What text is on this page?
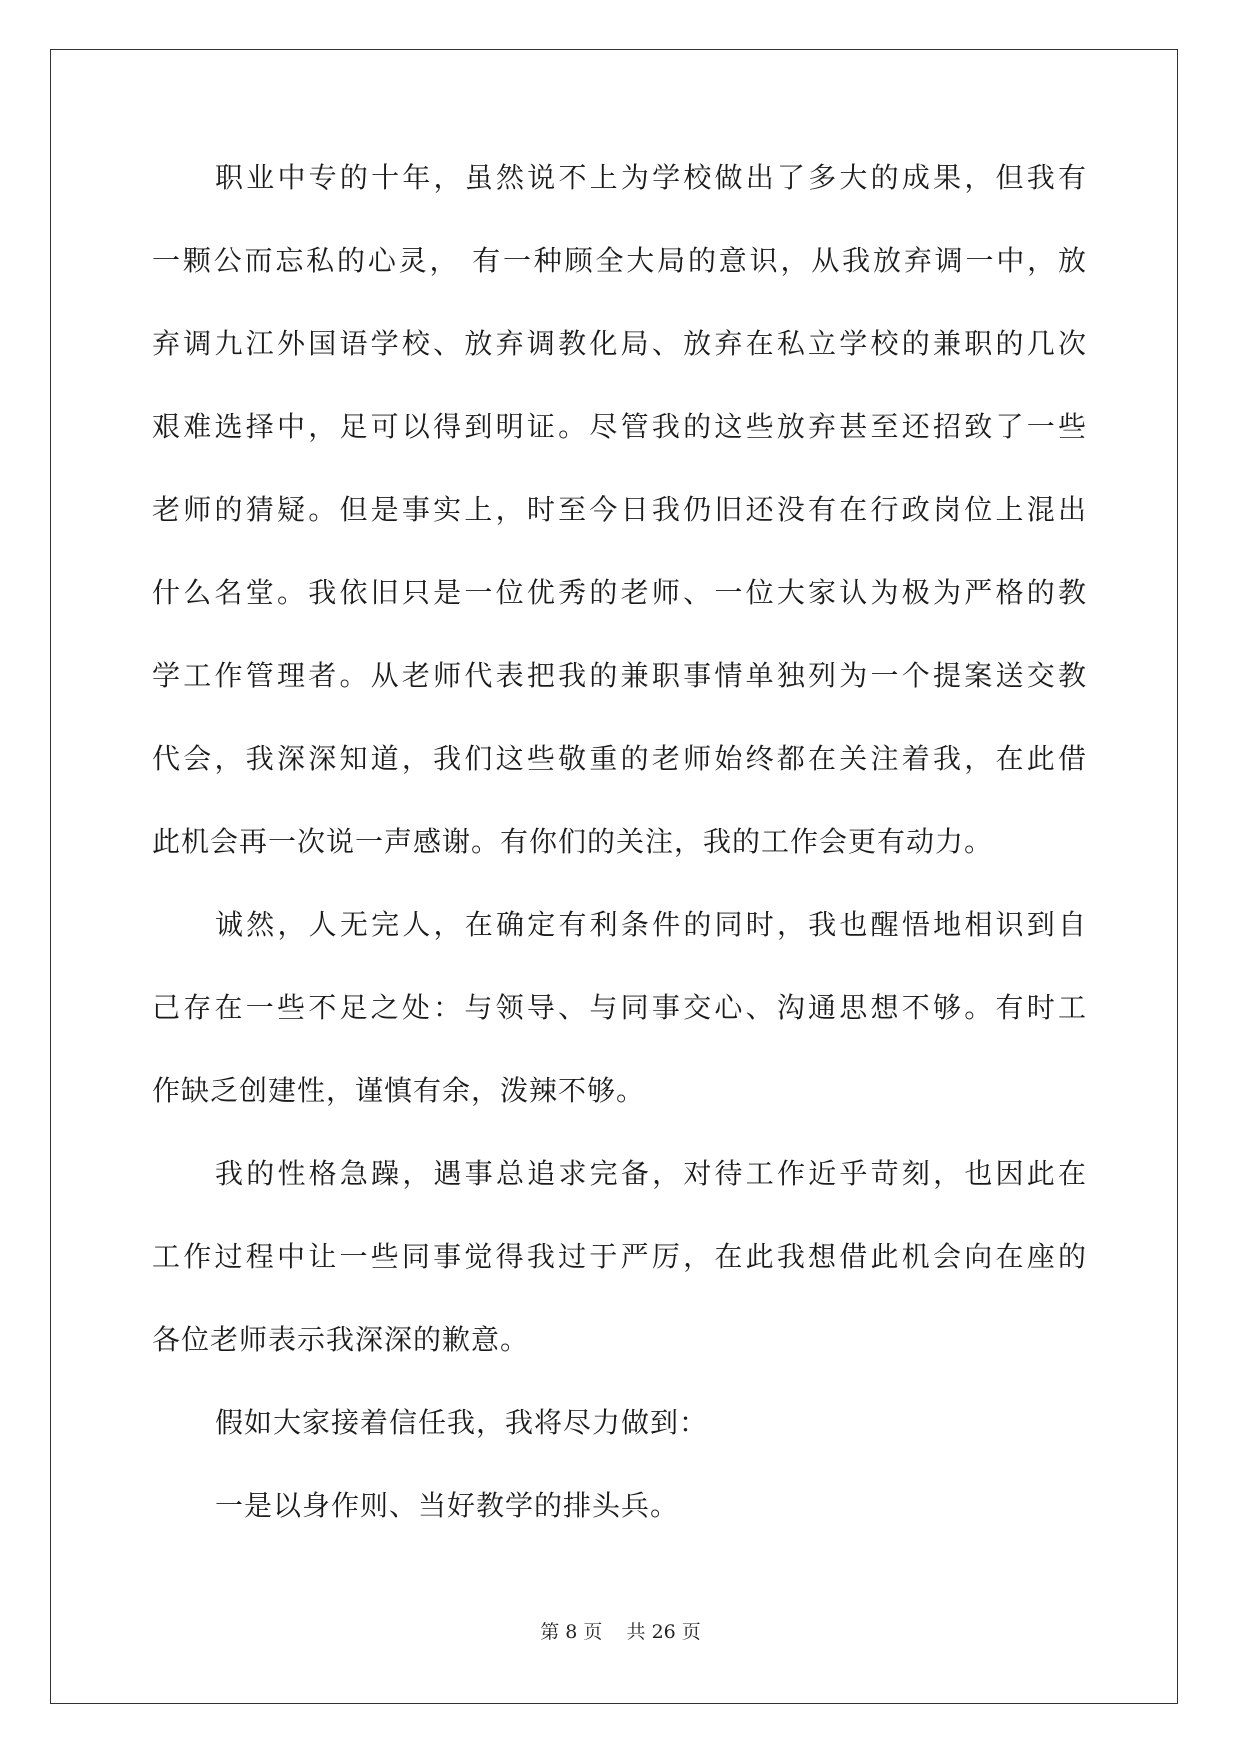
职业中专的十年，虽然说不上为学校做出了多大的成果，但我有
一颗公而忘私的心灵， 有一种顾全大局的意识，从我放弃调一中，放
弃调九江外国语学校、放弃调教化局、放弃在私立学校的兼职的几次
艰难选择中，足可以得到明证。尽管我的这些放弃甚至还招致了一些
老师的猜疑。但是事实上，时至今日我仍旧还没有在行政岗位上混出
什么名堂。我依旧只是一位优秀的老师、一位大家认为极为严格的教
学工作管理者。从老师代表把我的兼职事情单独列为一个提案送交教
代会，我深深知道，我们这些敬重的老师始终都在关注着我，在此借
此机会再一次说一声感谢。有你们的关注，我的工作会更有动力。
诚然，人无完人，在确定有利条件的同时，我也醒悟地相识到自
己存在一些不足之处：与领导、与同事交心、沟通思想不够。有时工
作缺乏创建性，谨慎有余，泼辣不够。
我的性格急躁，遇事总追求完备，对待工作近乎苛刻，也因此在
工作过程中让一些同事觉得我过于严厉，在此我想借此机会向在座的
各位老师表示我深深的歉意。
假如大家接着信任我，我将尽力做到：
一是以身作则、当好教学的排头兵。
第 8 页    共 26 页
